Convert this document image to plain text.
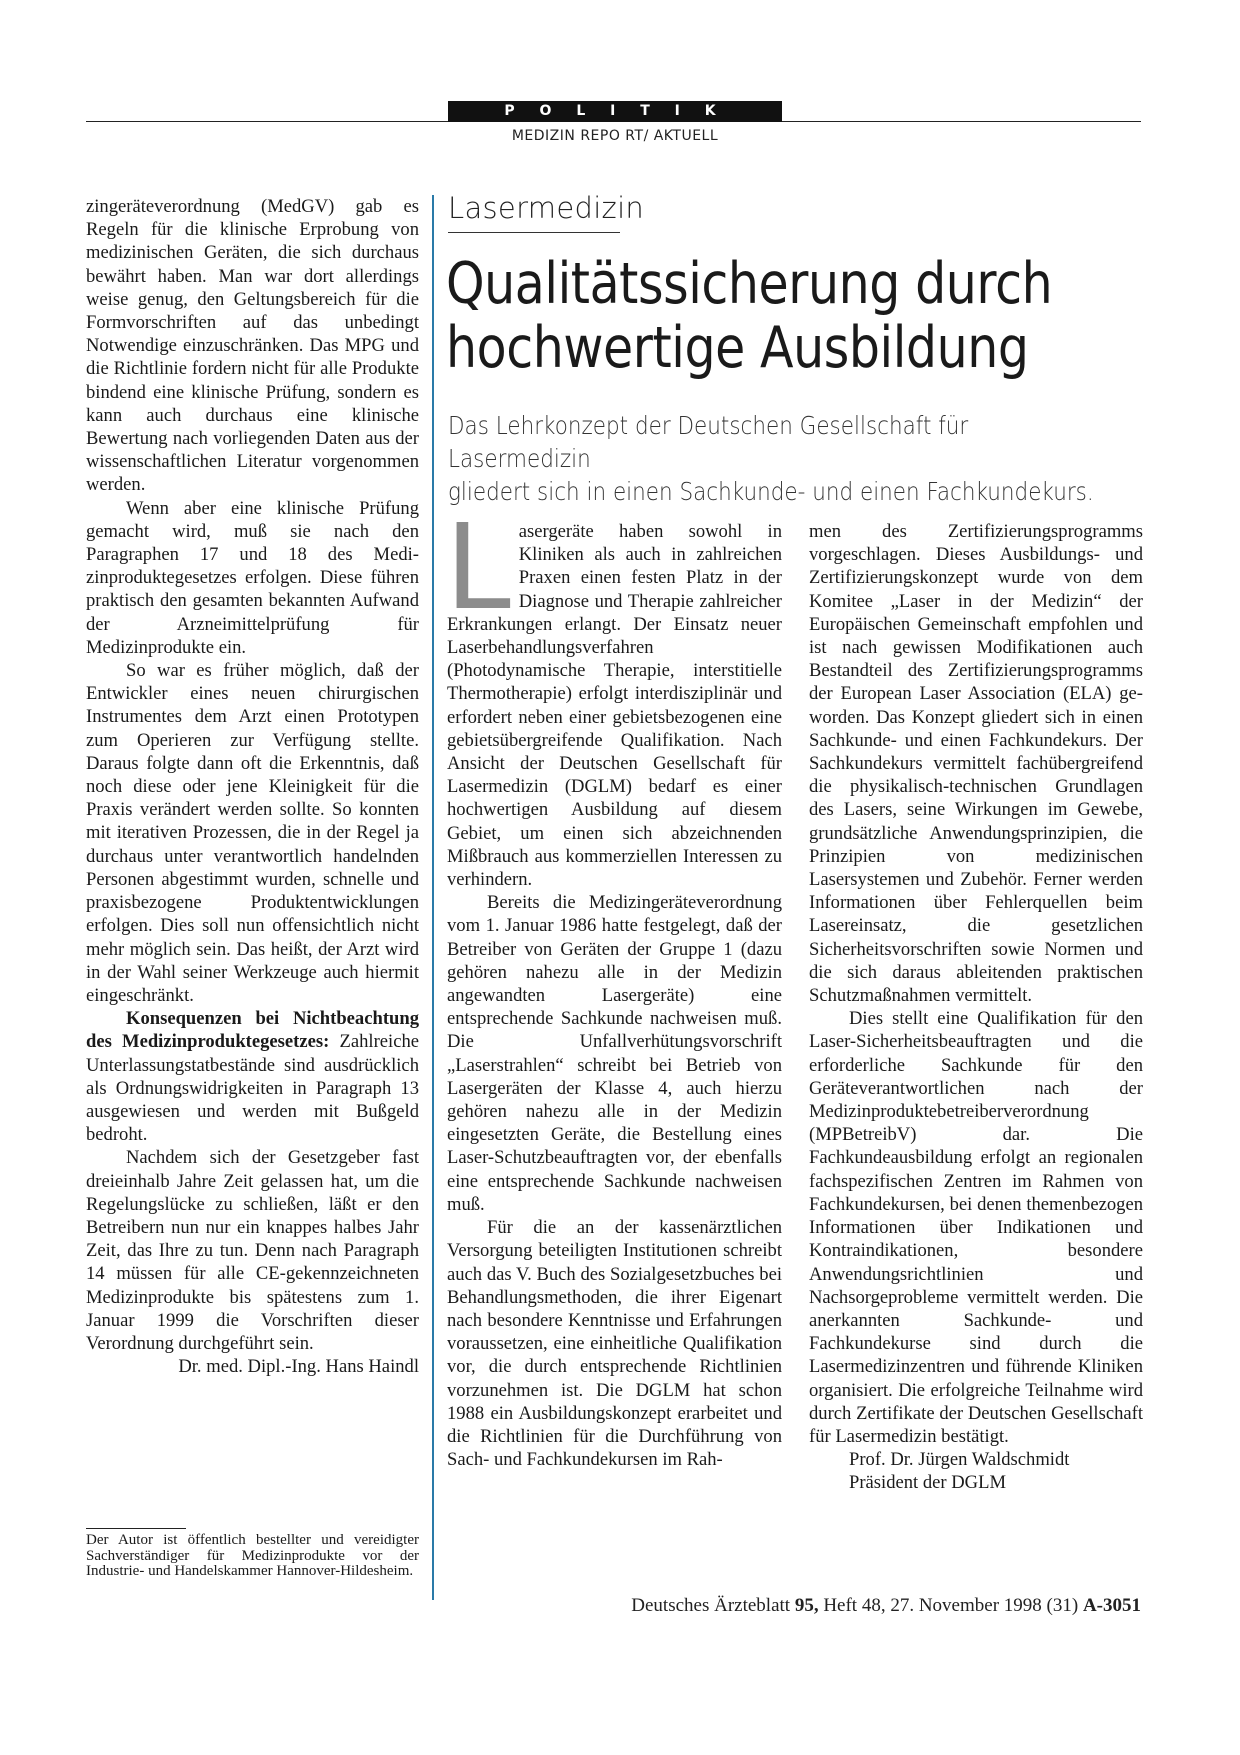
P O L I T I K
MEDIZIN REPO RT/ AKTUELL

zingeräteverordnung (MedGV) gab es Regeln für die klinische Erprobung von medizinischen Geräten, die sich durchaus bewährt haben. Man war dort allerdings weise genug, den Geltungsbereich für die Formvorschriften auf das unbedingt Notwendige einzuschränken. Das MPG und die Richtlinie fordern nicht für alle Produkte bindend eine klinische Prüfung, sondern es kann auch durchaus eine klinische Bewertung nach vorliegenden Daten aus der wissenschaftlichen Literatur vorgenommen werden.

Wenn aber eine klinische Prüfung gemacht wird, muß sie nach den Paragraphen 17 und 18 des Medizinproduktegesetzes erfolgen. Diese führen praktisch den gesamten bekannten Aufwand der Arzneimittelprüfung für Medizinprodukte ein.

So war es früher möglich, daß der Entwickler eines neuen chirurgischen Instrumentes dem Arzt einen Prototypen zum Operieren zur Verfügung stellte. Daraus folgte dann oft die Erkenntnis, daß noch diese oder jene Kleinigkeit für die Praxis verändert werden sollte. So konnten mit iterativen Prozessen, die in der Regel ja durchaus unter verantwortlich handelnden Personen abgestimmt wurden, schnelle und praxisbezogene Produktentwicklungen erfolgen. Dies soll nun offensichtlich nicht mehr möglich sein. Das heißt, der Arzt wird in der Wahl seiner Werkzeuge auch hiermit eingeschränkt.

Konsequenzen bei Nichtbeachtung des Medizinproduktegesetzes: Zahlreiche Unterlassungstatbestände sind ausdrücklich als Ordnungswidrigkeiten in Paragraph 13 ausgewiesen und werden mit Bußgeld bedroht.

Nachdem sich der Gesetzgeber fast dreieinhalb Jahre Zeit gelassen hat, um die Regelungslücke zu schließen, läßt er den Betreibern nun nur ein knappes halbes Jahr Zeit, das Ihre zu tun. Denn nach Paragraph 14 müssen für alle CE-gekennzeichneten Medizinprodukte bis spätestens zum 1. Januar 1999 die Vorschriften dieser Verordnung durchgeführt sein.

Dr. med. Dipl.-Ing. Hans Haindl

Der Autor ist öffentlich bestellter und vereidigter Sachverständiger für Medizinprodukte vor der Industrie- und Handelskammer Hannover-Hildesheim.
Lasermedizin
Qualitätssicherung durch
hochwertige Ausbildung
Das Lehrkonzept der Deutschen Gesellschaft für Lasermedizin
gliedert sich in einen Sachkunde- und einen Fachkundekurs.

Lasergeräte haben sowohl in Kliniken als auch in zahlreichen Praxen einen festen Platz in der Diagnose und Therapie zahlreicher Erkrankungen erlangt. Der Einsatz neuer Laserbehandlungsverfahren (Photodynamische Therapie, interstitielle Thermotherapie) erfolgt interdisziplinär und erfordert neben einer gebietsbezogenen eine gebietsübergreifende Qualifikation. Nach Ansicht der Deutschen Gesellschaft für Lasermedizin (DGLM) bedarf es einer hochwertigen Ausbildung auf diesem Gebiet, um einen sich abzeichnenden Mißbrauch aus kommerziellen Interessen zu verhindern.

Bereits die Medizingeräteverordnung vom 1. Januar 1986 hatte festgelegt, daß der Betreiber von Geräten der Gruppe 1 (dazu gehören nahezu alle in der Medizin angewandten Lasergeräte) eine entsprechende Sachkunde nachweisen muß. Die Unfallverhütungsvorschrift „Laserstrahlen“ schreibt bei Betrieb von Lasergeräten der Klasse 4, auch hierzu gehören nahezu alle in der Medizin eingesetzten Geräte, die Bestellung eines Laser-Schutzbeauftragten vor, der ebenfalls eine entsprechende Sachkunde nachweisen muß.

Für die an der kassenärztlichen Versorgung beteiligten Institutionen schreibt auch das V. Buch des Sozialgesetzbuches bei Behandlungsmethoden, die ihrer Eigenart nach besondere Kenntnisse und Erfahrungen voraussetzen, eine einheitliche Qualifikation vor, die durch entsprechende Richtlinien vorzunehmen ist. Die DGLM hat schon 1988 ein Ausbildungskonzept erarbeitet und die Richtlinien für die Durchführung von Sach- und Fachkundekursen im Rah-

men des Zertifizierungsprogramms vorgeschlagen. Dieses Ausbildungs- und Zertifizierungskonzept wurde von dem Komitee „Laser in der Medizin“ der Europäischen Gemeinschaft empfohlen und ist nach gewissen Modifikationen auch Bestandteil des Zertifizierungsprogramms der European Laser Association (ELA) geworden. Das Konzept gliedert sich in einen Sachkunde- und einen Fachkundekurs. Der Sachkundekurs vermittelt fachübergreifend die physikalisch-technischen Grundlagen des Lasers, seine Wirkungen im Gewebe, grundsätzliche Anwendungsprinzipien, die Prinzipien von medizinischen Lasersystemen und Zubehör. Ferner werden Informationen über Fehlerquellen beim Lasereinsatz, die gesetzlichen Sicherheitsvorschriften sowie Normen und die sich daraus ableitenden praktischen Schutzmaßnahmen vermittelt.

Dies stellt eine Qualifikation für den Laser-Sicherheitsbeauftragten und die erforderliche Sachkunde für den Geräteverantwortlichen nach der Medizinproduktebetreiberverordnung (MPBetreibV) dar. Die Fachkundeausbildung erfolgt an regionalen fachspezifischen Zentren im Rahmen von Fachkundekursen, bei denen themenbezogen Informationen über Indikationen und Kontraindikationen, besondere Anwendungsrichtlinien und Nachsorgeprobleme vermittelt werden. Die anerkannten Sachkunde- und Fachkundekurse sind durch die Lasermedizinzentren und führende Kliniken organisiert. Die erfolgreiche Teilnahme wird durch Zertifikate der Deutschen Gesellschaft für Lasermedizin bestätigt.

Prof. Dr. Jürgen Waldschmidt

Präsident der DGLM

Deutsches Ärzteblatt 95, Heft 48, 27. November 1998 (31) A-3051
